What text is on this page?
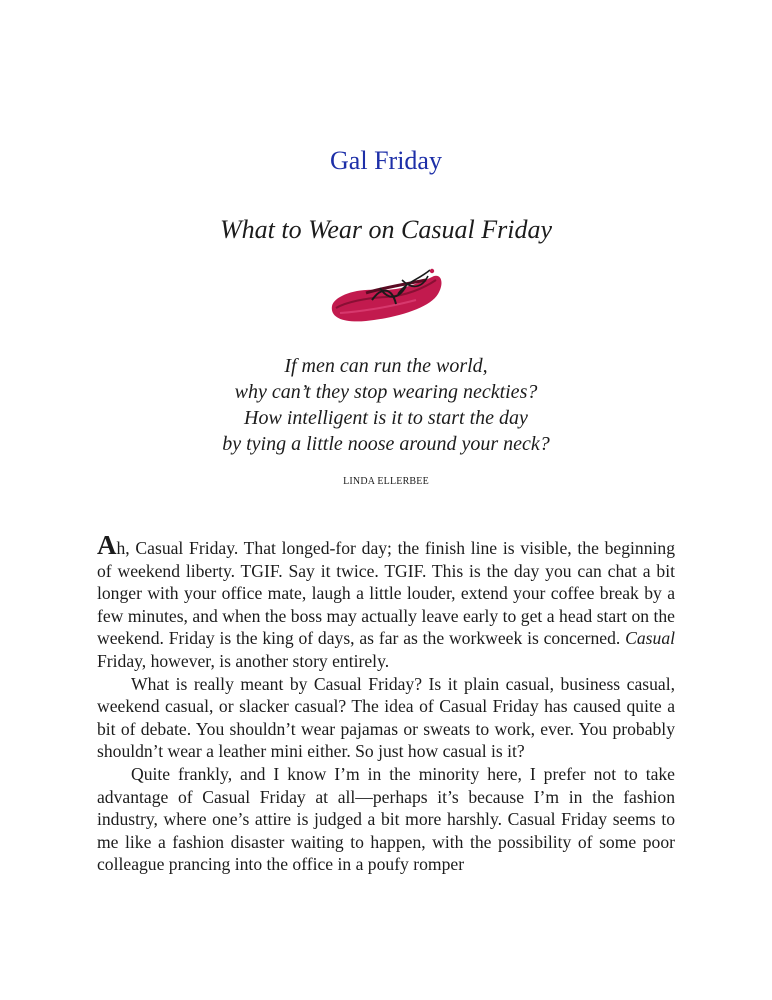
Gal Friday
What to Wear on Casual Friday
If men can run the world,
why can’t they stop wearing neckties?
How intelligent is it to start the day
by tying a little noose around your neck?
LINDA ELLERBEE

Ah, Casual Friday. That longed-for day; the finish line is visible, the beginning of weekend liberty. TGIF. Say it twice. TGIF. This is the day you can chat a bit longer with your office mate, laugh a little louder, extend your coffee break by a few minutes, and when the boss may actually leave early to get a head start on the weekend. Friday is the king of days, as far as the workweek is concerned. Casual Friday, however, is another story entirely.

What is really meant by Casual Friday? Is it plain casual, business casual, weekend casual, or slacker casual? The idea of Casual Friday has caused quite a bit of debate. You shouldn’t wear pajamas or sweats to work, ever. You probably shouldn’t wear a leather mini either. So just how casual is it?

Quite frankly, and I know I’m in the minority here, I prefer not to take advantage of Casual Friday at all—perhaps it’s because I’m in the fashion industry, where one’s attire is judged a bit more harshly. Casual Friday seems to me like a fashion disaster waiting to happen, with the possibility of some poor colleague prancing into the office in a poufy romper
